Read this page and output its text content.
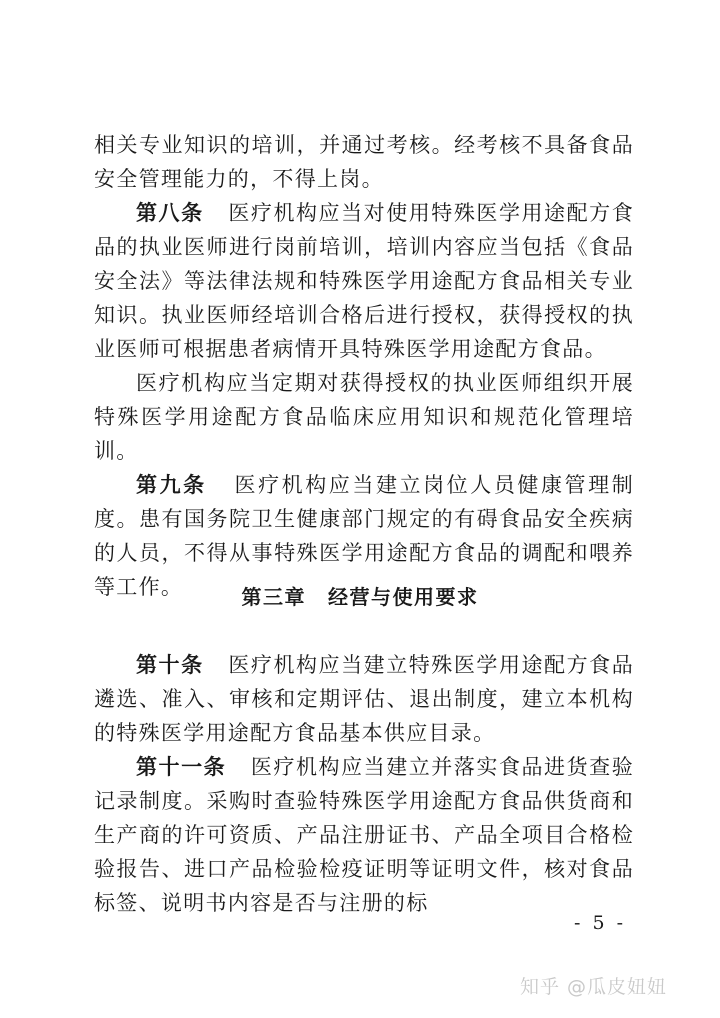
相关专业知识的培训，并通过考核。经考核不具备食品安全管理能力的，不得上岗。

第八条 医疗机构应当对使用特殊医学用途配方食品的执业医师进行岗前培训，培训内容应当包括《食品安全法》等法律法规和特殊医学用途配方食品相关专业知识。执业医师经培训合格后进行授权，获得授权的执业医师可根据患者病情开具特殊医学用途配方食品。

医疗机构应当定期对获得授权的执业医师组织开展特殊医学用途配方食品临床应用知识和规范化管理培训。

第九条 医疗机构应当建立岗位人员健康管理制度。患有国务院卫生健康部门规定的有碍食品安全疾病的人员，不得从事特殊医学用途配方食品的调配和喂养等工作。	第三章 经营与使用要求

第十条 医疗机构应当建立特殊医学用途配方食品遴选、准入、审核和定期评估、退出制度，建立本机构的特殊医学用途配方食品基本供应目录。

第十一条 医疗机构应当建立并落实食品进货查验记录制度。采购时查验特殊医学用途配方食品供货商和生产商的许可资质、产品注册证书、产品全项目合格检验报告、进口产品检验检疫证明等证明文件，核对食品标签、说明书内容是否与注册的标

- 5 -
知乎 @瓜皮妞妞
